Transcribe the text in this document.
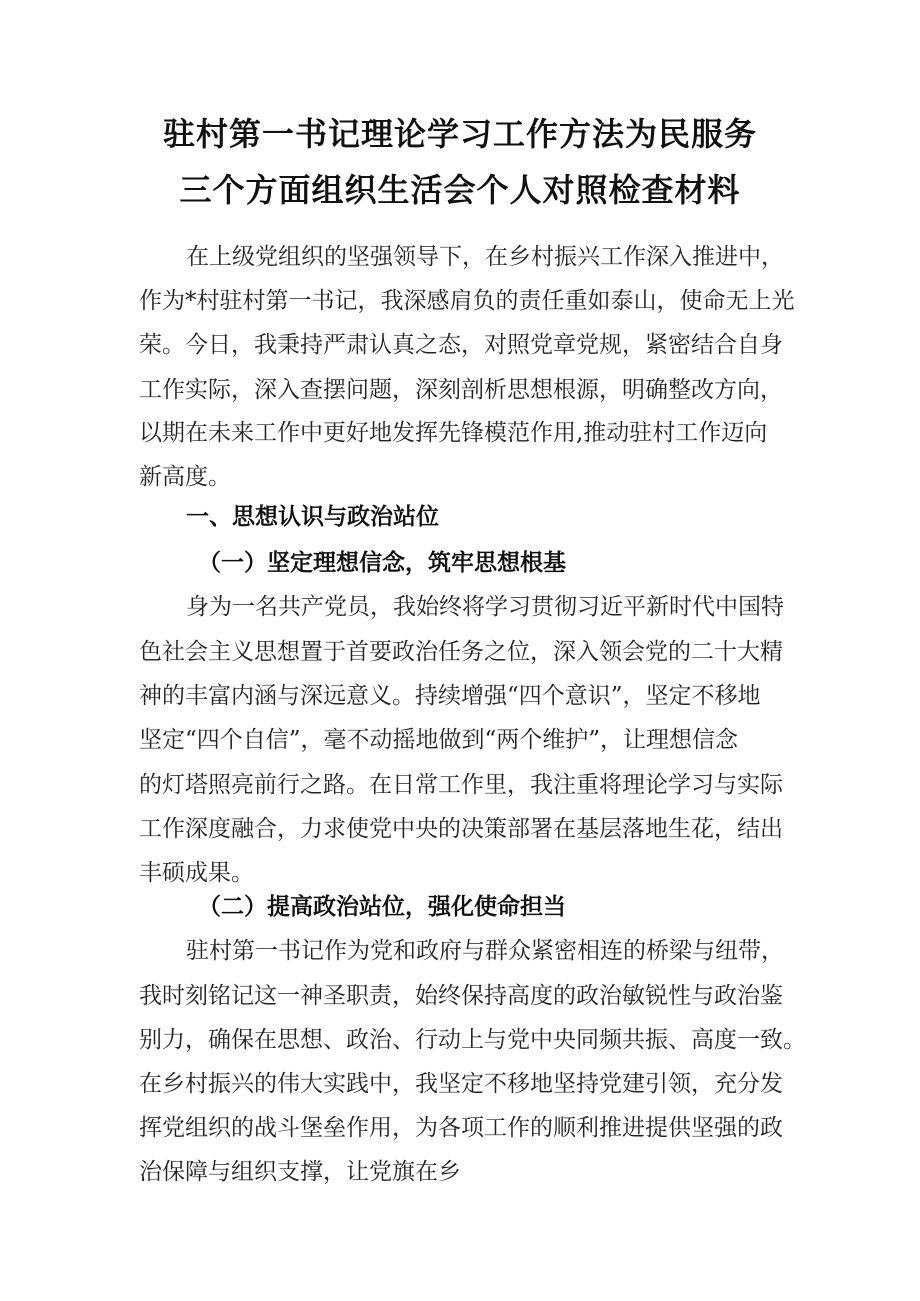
驻村第一书记理论学习工作方法为民服务
三个方面组织生活会个人对照检查材料
在上级党组织的坚强领导下，在乡村振兴工作深入推进中，
作为*村驻村第一书记，我深感肩负的责任重如泰山，使命无上光
荣。今日，我秉持严肃认真之态，对照党章党规，紧密结合自身
工作实际，深入查摆问题，深刻剖析思想根源，明确整改方向，
以期在未来工作中更好地发挥先锋模范作用,推动驻村工作迈向
新高度。
一、思想认识与政治站位
（一）坚定理想信念，筑牢思想根基
身为一名共产党员，我始终将学习贯彻习近平新时代中国特
色社会主义思想置于首要政治任务之位，深入领会党的二十大精
神的丰富内涵与深远意义。持续增强“四个意识”，坚定不移地
坚定“四个自信”，毫不动摇地做到“两个维护”，让理想信念
的灯塔照亮前行之路。在日常工作里，我注重将理论学习与实际
工作深度融合，力求使党中央的决策部署在基层落地生花，结出
丰硕成果。
（二）提高政治站位，强化使命担当
驻村第一书记作为党和政府与群众紧密相连的桥梁与纽带，
我时刻铭记这一神圣职责，始终保持高度的政治敏锐性与政治鉴
别力，确保在思想、政治、行动上与党中央同频共振、高度一致。
在乡村振兴的伟大实践中，我坚定不移地坚持党建引领，充分发
挥党组织的战斗堡垒作用，为各项工作的顺利推进提供坚强的政
治保障与组织支撑，让党旗在乡
